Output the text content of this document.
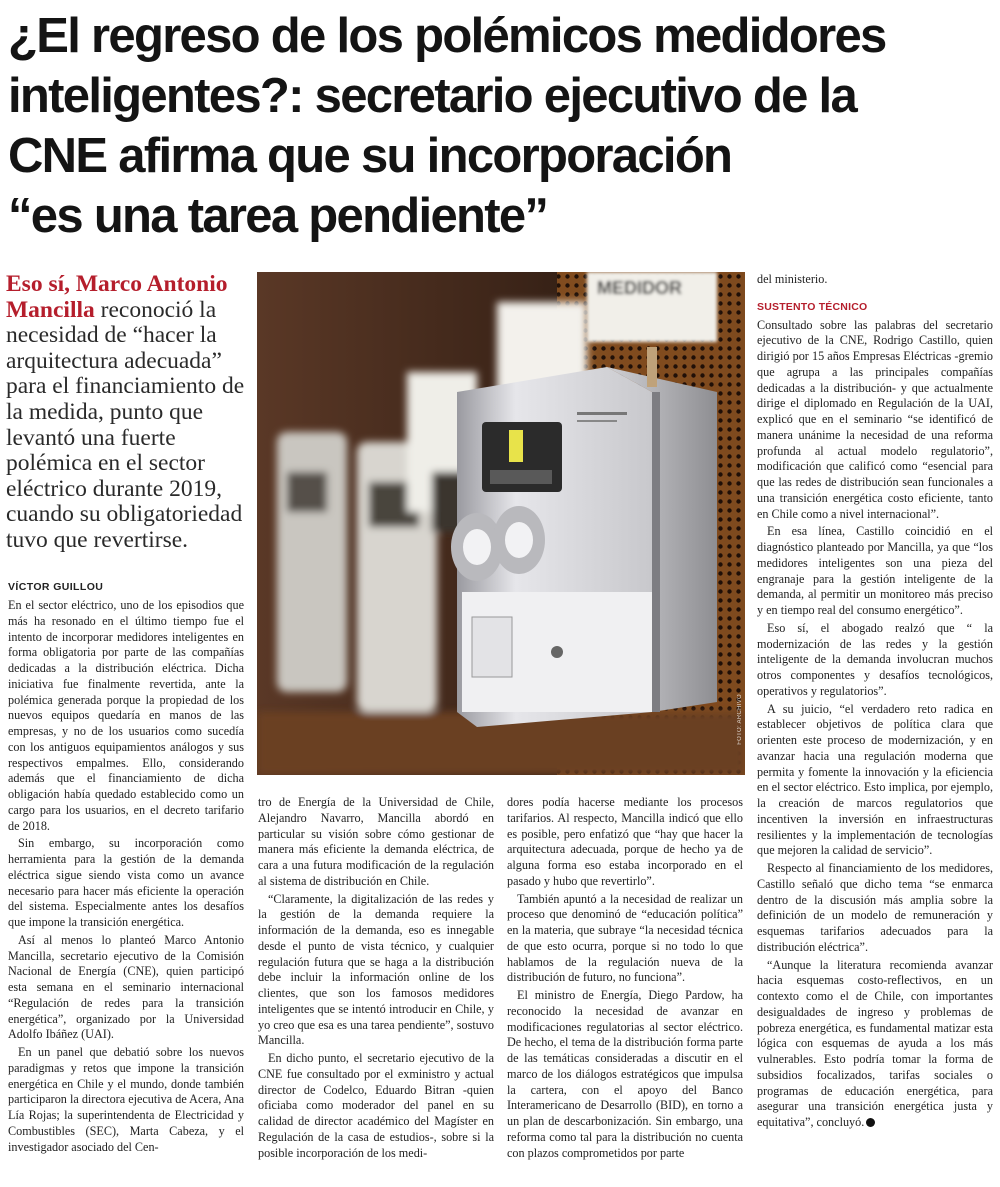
¿El regreso de los polémicos medidores
inteligentes?: secretario ejecutivo de la
CNE afirma que su incorporación
“es una tarea pendiente”
Eso sí, Marco Antonio Mancilla reconoció la necesidad de “hacer la arquitectura adecuada” para el financiamiento de la medida, punto que levantó una fuerte polémica en el sector eléctrico durante 2019, cuando su obligatoriedad tuvo que revertirse.
VÍCTOR GUILLOU

En el sector eléctrico, uno de los episodios que más ha resonado en el último tiempo fue el intento de incorporar medidores inteligentes en forma obligatoria por parte de las compañías dedicadas a la distribución eléctrica. Dicha iniciativa fue finalmente revertida, ante la polémica generada porque la propiedad de los nuevos equipos quedaría en manos de las empresas, y no de los usuarios como sucedía con los antiguos equipamientos análogos y sus respectivos empalmes. Ello, considerando además que el financiamiento de dicha obligación había quedado establecido como un cargo para los usuarios, en el decreto tarifario de 2018.

Sin embargo, su incorporación como herramienta para la gestión de la demanda eléctrica sigue siendo vista como un avance necesario para hacer más eficiente la operación del sistema. Especialmente antes los desafíos que impone la transición energética.

Así al menos lo planteó Marco Antonio Mancilla, secretario ejecutivo de la Comisión Nacional de Energía (CNE), quien participó esta semana en el seminario internacional “Regulación de redes para la transición energética”, organizado por la Universidad Adolfo Ibáñez (UAI).

En un panel que debatió sobre los nuevos paradigmas y retos que impone la transición energética en Chile y el mundo, donde también participaron la directora ejecutiva de Acera, Ana Lía Rojas; la superintendenta de Electricidad y Combustibles (SEC), Marta Cabeza, y el investigador asociado del Cen-

MEDIDOR
FOTO: ARCHIVO

tro de Energía de la Universidad de Chile, Alejandro Navarro, Mancilla abordó en particular su visión sobre cómo gestionar de manera más eficiente la demanda eléctrica, de cara a una futura modificación de la regulación al sistema de distribución en Chile.

“Claramente, la digitalización de las redes y la gestión de la demanda requiere la información de la demanda, eso es innegable desde el punto de vista técnico, y cualquier regulación futura que se haga a la distribución debe incluir la información online de los clientes, que son los famosos medidores inteligentes que se intentó introducir en Chile, y yo creo que esa es una tarea pendiente”, sostuvo Mancilla.

En dicho punto, el secretario ejecutivo de la CNE fue consultado por el exministro y actual director de Codelco, Eduardo Bitran -quien oficiaba como moderador del panel en su calidad de director académico del Magíster en Regulación de la casa de estudios-, sobre si la posible incorporación de los medi-

dores podía hacerse mediante los procesos tarifarios. Al respecto, Mancilla indicó que ello es posible, pero enfatizó que “hay que hacer la arquitectura adecuada, porque de hecho ya de alguna forma eso estaba incorporado en el pasado y hubo que revertirlo”.

También apuntó a la necesidad de realizar un proceso que denominó de “educación política” en la materia, que subraye “la necesidad técnica de que esto ocurra, porque si no todo lo que hablamos de la regulación nueva de la distribución de futuro, no funciona”.

El ministro de Energía, Diego Pardow, ha reconocido la necesidad de avanzar en modificaciones regulatorias al sector eléctrico. De hecho, el tema de la distribución forma parte de las temáticas consideradas a discutir en el marco de los diálogos estratégicos que impulsa la cartera, con el apoyo del Banco Interamericano de Desarrollo (BID), en torno a un plan de descarbonización. Sin embargo, una reforma como tal para la distribución no cuenta con plazos comprometidos por parte

del ministerio.

SUSTENTO TÉCNICO

Consultado sobre las palabras del secretario ejecutivo de la CNE, Rodrigo Castillo, quien dirigió por 15 años Empresas Eléctricas -gremio que agrupa a las principales compañías dedicadas a la distribución- y que actualmente dirige el diplomado en Regulación de la UAI, explicó que en el seminario “se identificó de manera unánime la necesidad de una reforma profunda al actual modelo regulatorio”, modificación que calificó como “esencial para que las redes de distribución sean funcionales a una transición energética costo eficiente, tanto en Chile como a nivel internacional”.

En esa línea, Castillo coincidió en el diagnóstico planteado por Mancilla, ya que “los medidores inteligentes son una pieza del engranaje para la gestión inteligente de la demanda, al permitir un monitoreo más preciso y en tiempo real del consumo energético”.

Eso sí, el abogado realzó que “ la modernización de las redes y la gestión inteligente de la demanda involucran muchos otros componentes y desafíos tecnológicos, operativos y regulatorios”.

A su juicio, “el verdadero reto radica en establecer objetivos de política clara que orienten este proceso de modernización, y en avanzar hacia una regulación moderna que permita y fomente la innovación y la eficiencia en el sector eléctrico. Esto implica, por ejemplo, la creación de marcos regulatorios que incentiven la inversión en infraestructuras resilientes y la implementación de tecnologías que mejoren la calidad de servicio”.

Respecto al financiamiento de los medidores, Castillo señaló que dicho tema “se enmarca dentro de la discusión más amplia sobre la definición de un modelo de remuneración y esquemas tarifarios adecuados para la distribución eléctrica”.

“Aunque la literatura recomienda avanzar hacia esquemas costo-reflectivos, en un contexto como el de Chile, con importantes desigualdades de ingreso y problemas de pobreza energética, es fundamental matizar esta lógica con esquemas de ayuda a los más vulnerables. Esto podría tomar la forma de subsidios focalizados, tarifas sociales o programas de educación energética, para asegurar una transición energética justa y equitativa”, concluyó.
